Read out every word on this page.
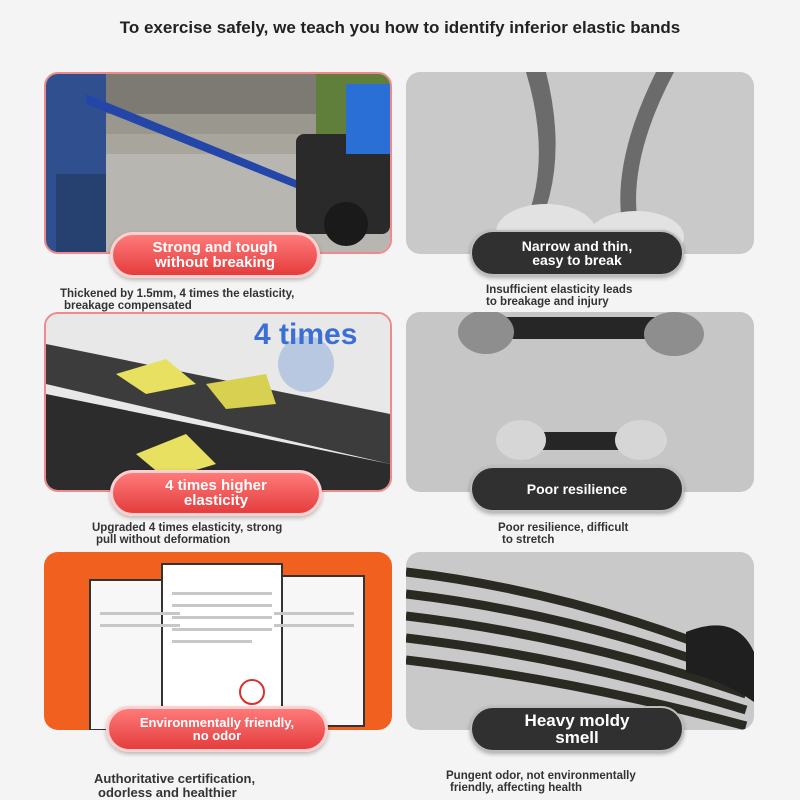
To exercise safely, we teach you how to identify inferior elastic bands
Strong and tough
without breaking
Thickened by 1.5mm, 4 times the elasticity,
breakage compensated
Narrow and thin,
easy to break
Insufficient elasticity leads
to breakage and injury
4 times
4 times higher
elasticity
Upgraded 4 times elasticity, strong
pull without deformation
Poor resilience
Poor resilience, difficult
to stretch
Environmentally friendly,
no odor
Authoritative certification,
odorless and healthier
Heavy moldy
smell
Pungent odor, not environmentally
friendly, affecting health
